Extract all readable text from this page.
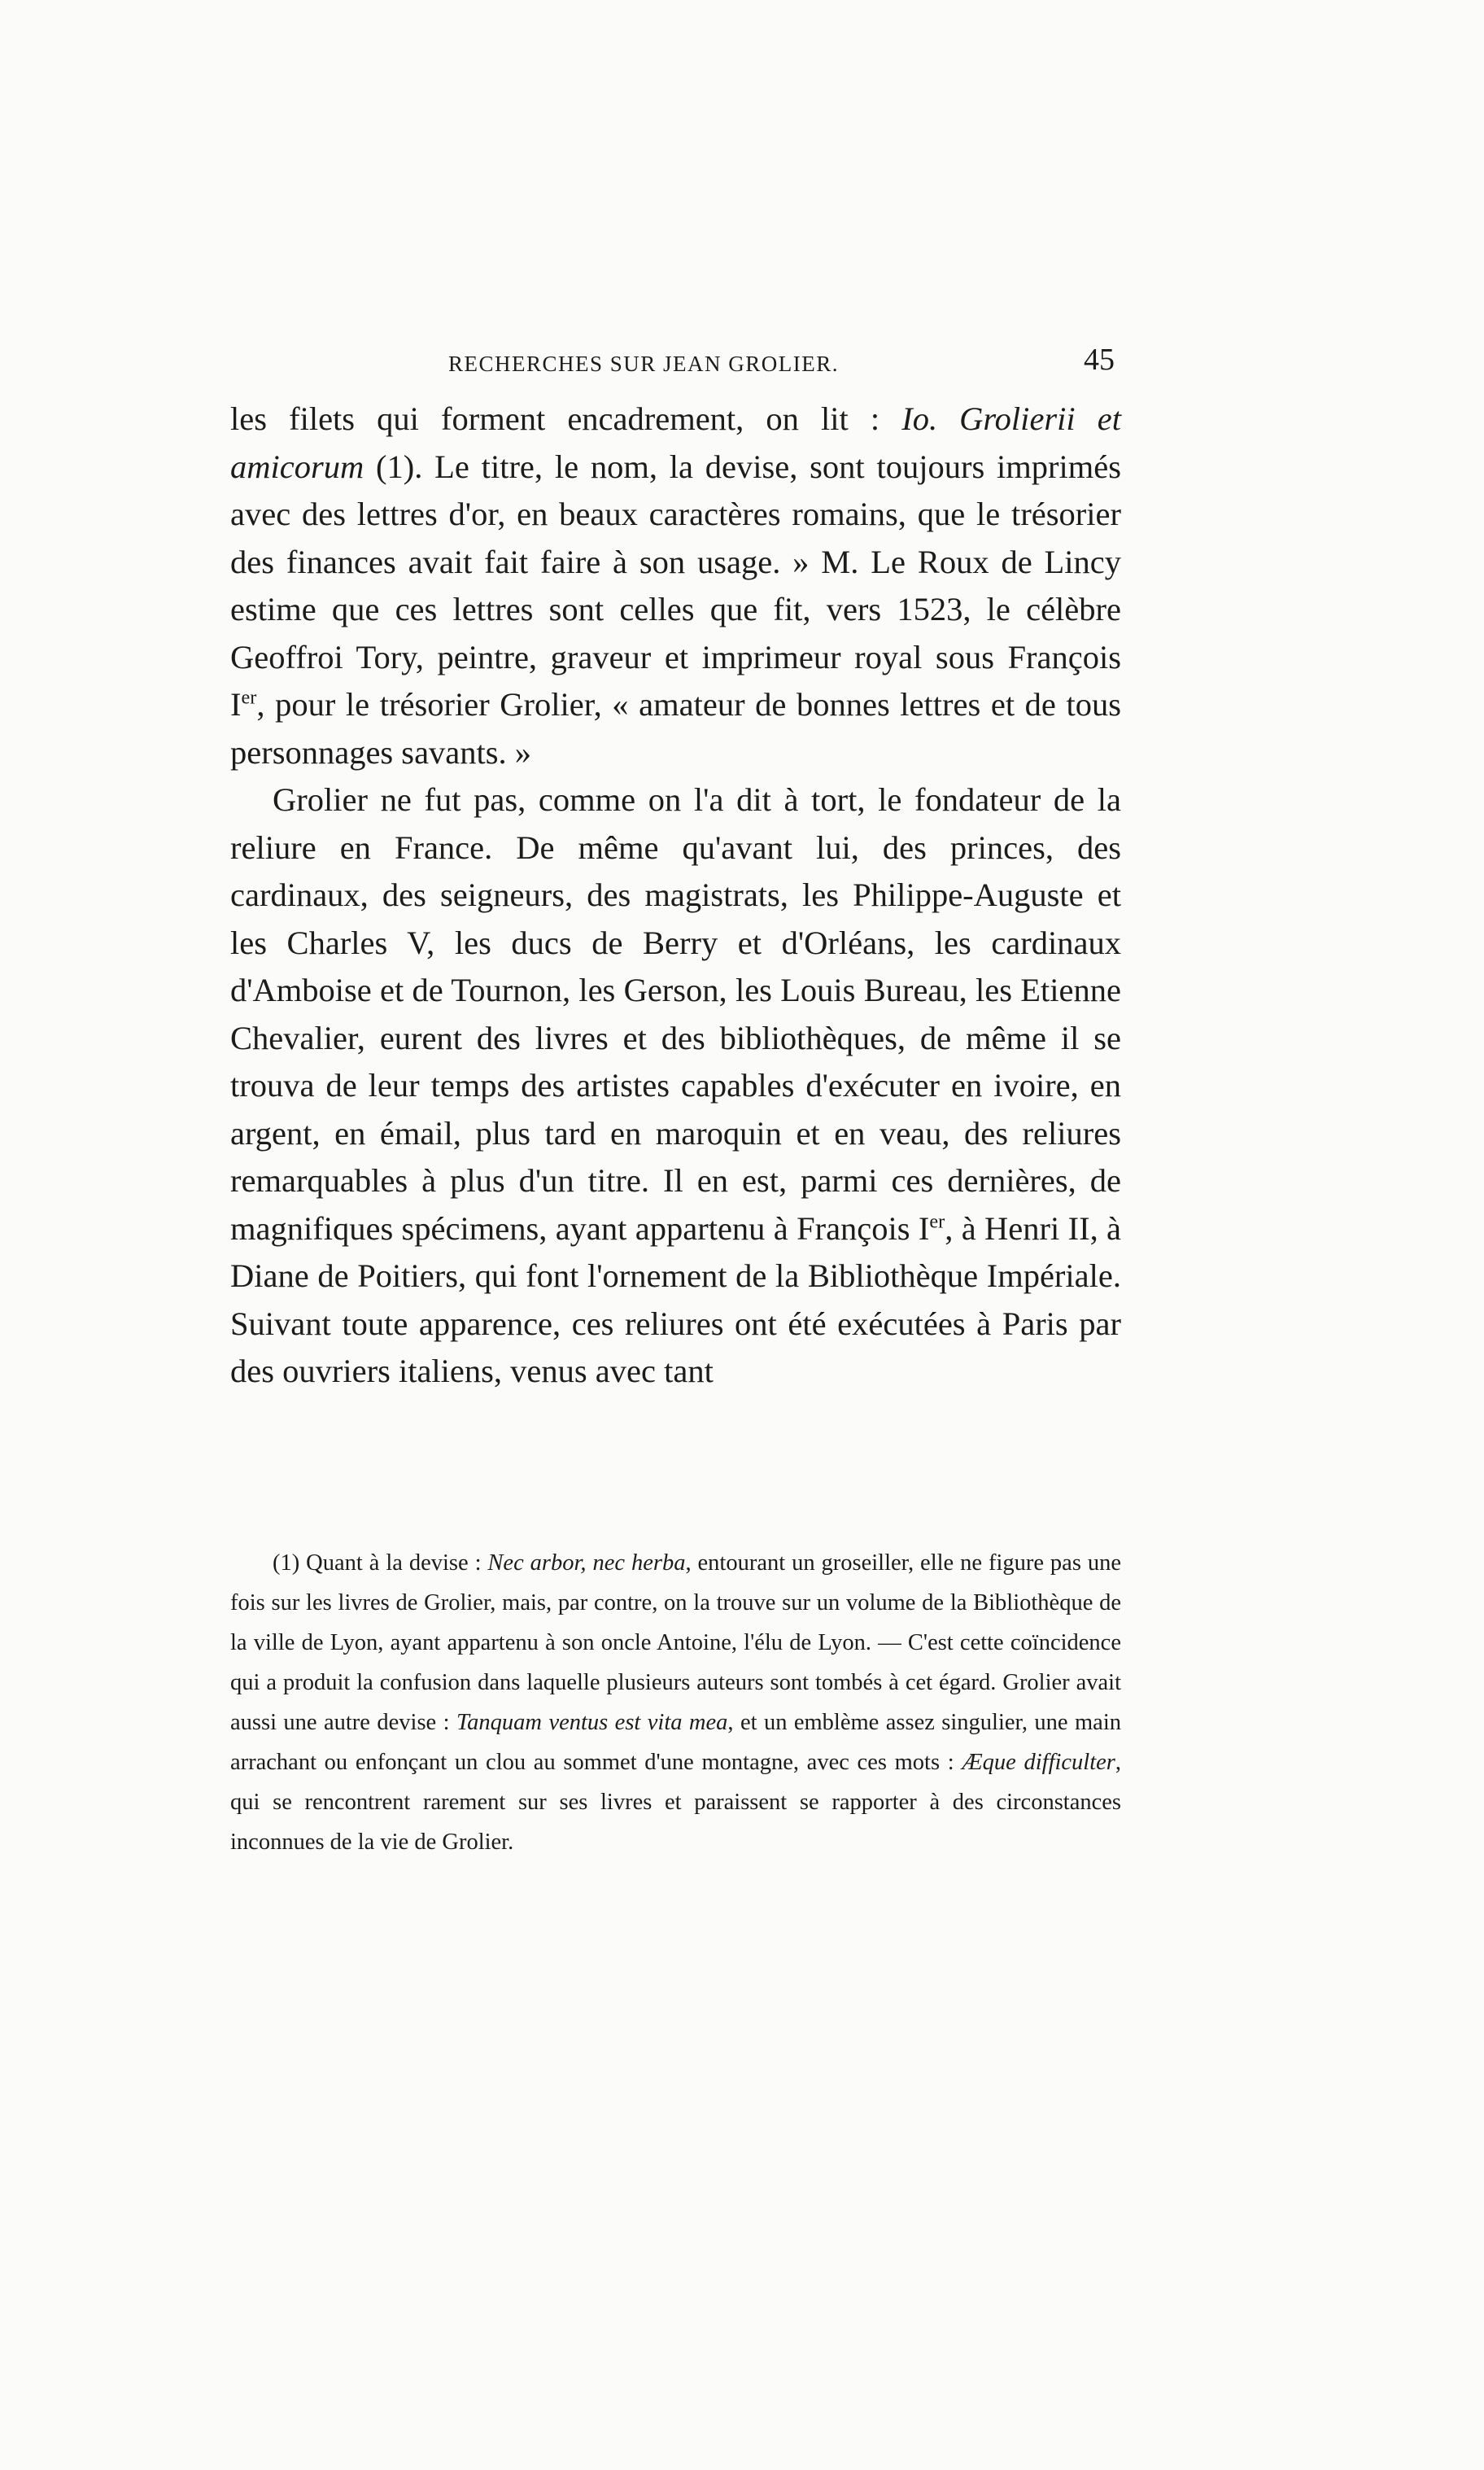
RECHERCHES SUR JEAN GROLIER.	45

les filets qui forment encadrement, on lit : Io. Grolierii et amicorum (1). Le titre, le nom, la devise, sont toujours imprimés avec des lettres d'or, en beaux caractères romains, que le trésorier des finances avait fait faire à son usage. » M. Le Roux de Lincy estime que ces lettres sont celles que fit, vers 1523, le célèbre Geoffroi Tory, peintre, graveur et imprimeur royal sous François Ier, pour le trésorier Grolier, « amateur de bonnes lettres et de tous personnages savants. »

Grolier ne fut pas, comme on l'a dit à tort, le fondateur de la reliure en France. De même qu'avant lui, des princes, des cardinaux, des seigneurs, des magistrats, les Philippe-Auguste et les Charles V, les ducs de Berry et d'Orléans, les cardinaux d'Amboise et de Tournon, les Gerson, les Louis Bureau, les Etienne Chevalier, eurent des livres et des bibliothèques, de même il se trouva de leur temps des artistes capables d'exécuter en ivoire, en argent, en émail, plus tard en maroquin et en veau, des reliures remarquables à plus d'un titre. Il en est, parmi ces dernières, de magnifiques spécimens, ayant appartenu à François Ier, à Henri II, à Diane de Poitiers, qui font l'ornement de la Bibliothèque Impériale. Suivant toute apparence, ces reliures ont été exécutées à Paris par des ouvriers italiens, venus avec tant

(1) Quant à la devise : Nec arbor, nec herba, entourant un groseiller, elle ne figure pas une fois sur les livres de Grolier, mais, par contre, on la trouve sur un volume de la Bibliothèque de la ville de Lyon, ayant appartenu à son oncle Antoine, l'élu de Lyon. — C'est cette coïncidence qui a produit la confusion dans laquelle plusieurs auteurs sont tombés à cet égard. Grolier avait aussi une autre devise : Tanquam ventus est vita mea, et un emblème assez singulier, une main arrachant ou enfonçant un clou au sommet d'une montagne, avec ces mots : Æque difficulter, qui se rencontrent rarement sur ses livres et paraissent se rapporter à des circonstances inconnues de la vie de Grolier.
